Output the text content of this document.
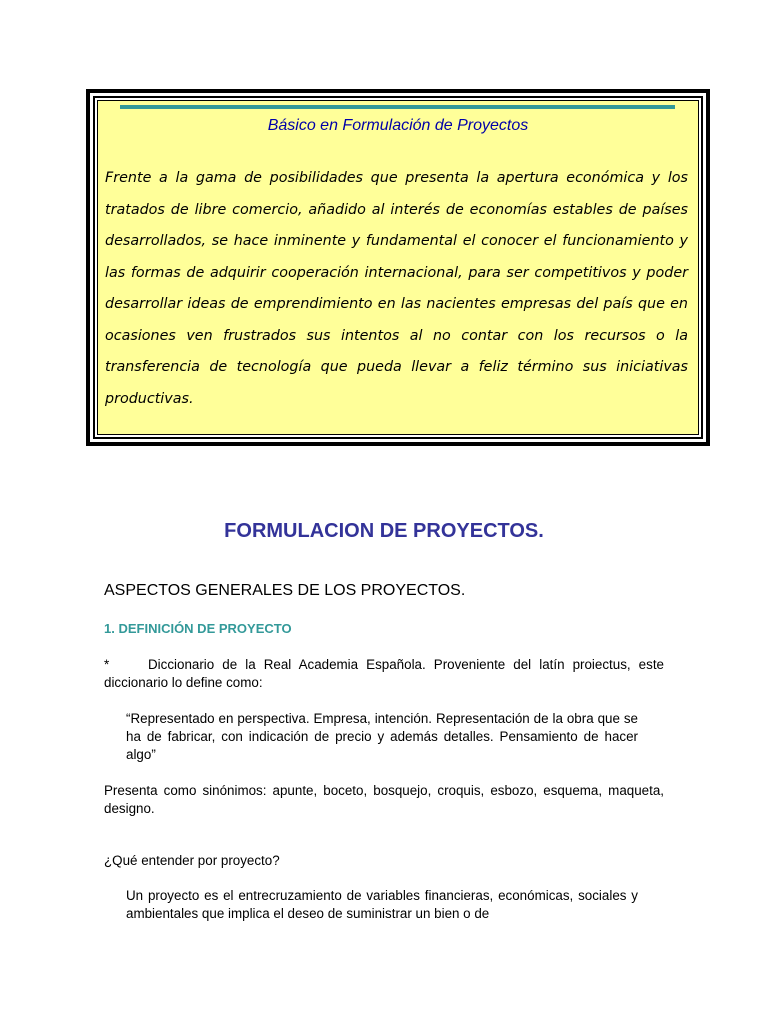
Básico en Formulación de Proyectos

Frente a la gama de posibilidades que presenta la apertura económica y los tratados de libre comercio, añadido al interés de economías estables de países desarrollados, se hace inminente y fundamental el conocer el funcionamiento y las formas de adquirir cooperación internacional, para ser competitivos y poder desarrollar ideas de emprendimiento en las nacientes empresas del país que en ocasiones ven frustrados sus intentos al no contar con los recursos o la transferencia de tecnología que pueda llevar a feliz término sus iniciativas productivas.

FORMULACION DE PROYECTOS.
ASPECTOS GENERALES DE LOS PROYECTOS.
1. DEFINICIÓN DE PROYECTO

*	Diccionario de la Real Academia Española. Proveniente del latín proiectus, este diccionario lo define como:

“Representado en perspectiva. Empresa, intención. Representación de la obra que se ha de fabricar, con indicación de precio y además detalles. Pensamiento de hacer algo”

Presenta como sinónimos: apunte, boceto, bosquejo, croquis, esbozo, esquema, maqueta, designo.

¿Qué entender por proyecto?

Un proyecto es el entrecruzamiento de variables financieras, económicas, sociales y ambientales que implica el deseo de suministrar un bien o de
